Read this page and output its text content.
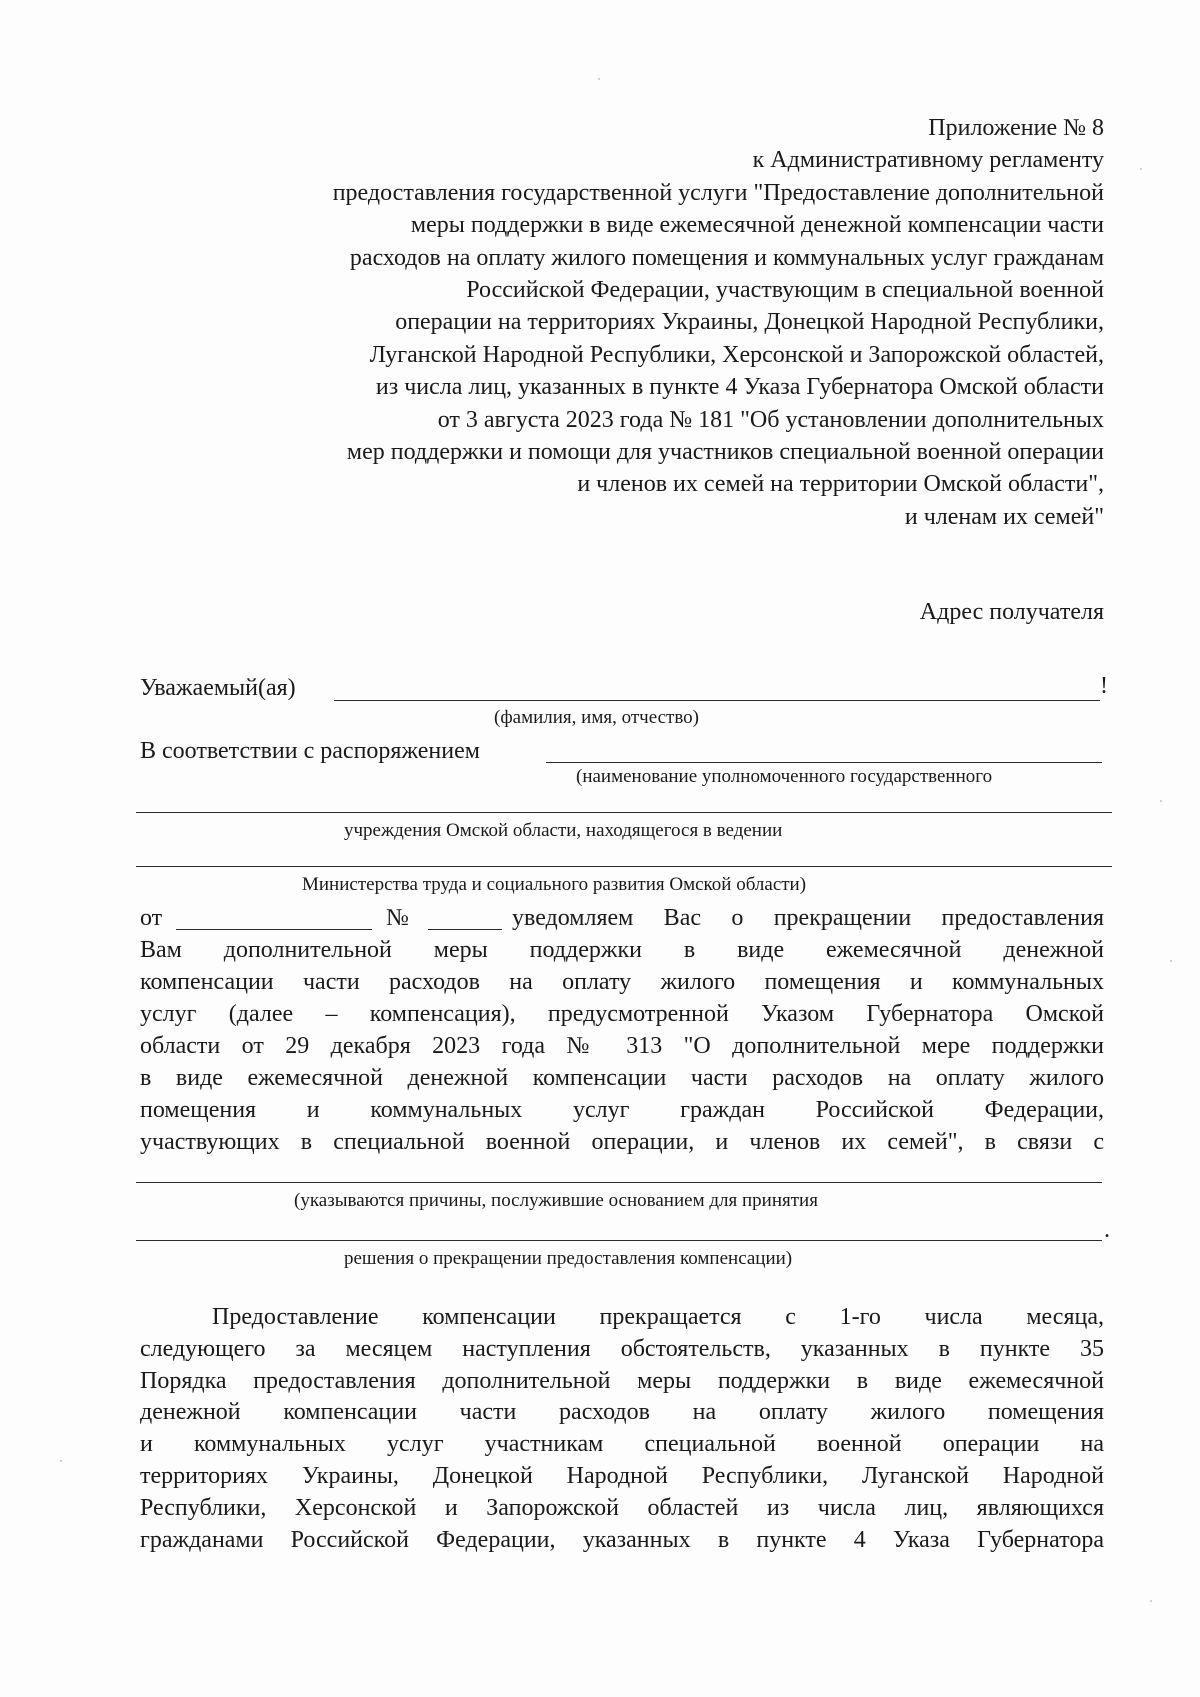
Приложение № 8
к Административному регламенту
предоставления государственной услуги "Предоставление дополнительной
меры поддержки в виде ежемесячной денежной компенсации части
расходов на оплату жилого помещения и коммунальных услуг гражданам
Российской Федерации, участвующим в специальной военной
операции на территориях Украины, Донецкой Народной Республики,
Луганской Народной Республики, Херсонской и Запорожской областей,
из числа лиц, указанных в пункте 4 Указа Губернатора Омской области
от 3 августа 2023 года № 181 "Об установлении дополнительных
мер поддержки и помощи для участников специальной военной операции
и членов их семей на территории Омской области",
и членам их семей"
Адрес получателя
Уважаемый(ая)	!
(фамилия, имя, отчество)
В соответствии с распоряжением
(наименование уполномоченного государственного
учреждения Омской области, находящегося в ведении
Министерства труда и социального развития Омской области)
от	№	уведомляем Вас о прекращении предоставления
Вам дополнительной меры поддержки в виде ежемесячной денежной
компенсации части расходов на оплату жилого помещения и коммунальных
услуг (далее – компенсация), предусмотренной Указом Губернатора Омской
области от 29 декабря 2023 года № 313 "О дополнительной мере поддержки
в виде ежемесячной денежной компенсации части расходов на оплату жилого
помещения и коммунальных услуг граждан Российской Федерации,
участвующих в специальной военной операции, и членов их семей", в связи с
(указываются причины, послужившие основанием для принятия
.
решения о прекращении предоставления компенсации)
Предоставление компенсации прекращается с 1-го числа месяца,
следующего за месяцем наступления обстоятельств, указанных в пункте 35
Порядка предоставления дополнительной меры поддержки в виде ежемесячной
денежной компенсации части расходов на оплату жилого помещения
и коммунальных услуг участникам специальной военной операции на
территориях Украины, Донецкой Народной Республики, Луганской Народной
Республики, Херсонской и Запорожской областей из числа лиц, являющихся
гражданами Российской Федерации, указанных в пункте 4 Указа Губернатора
